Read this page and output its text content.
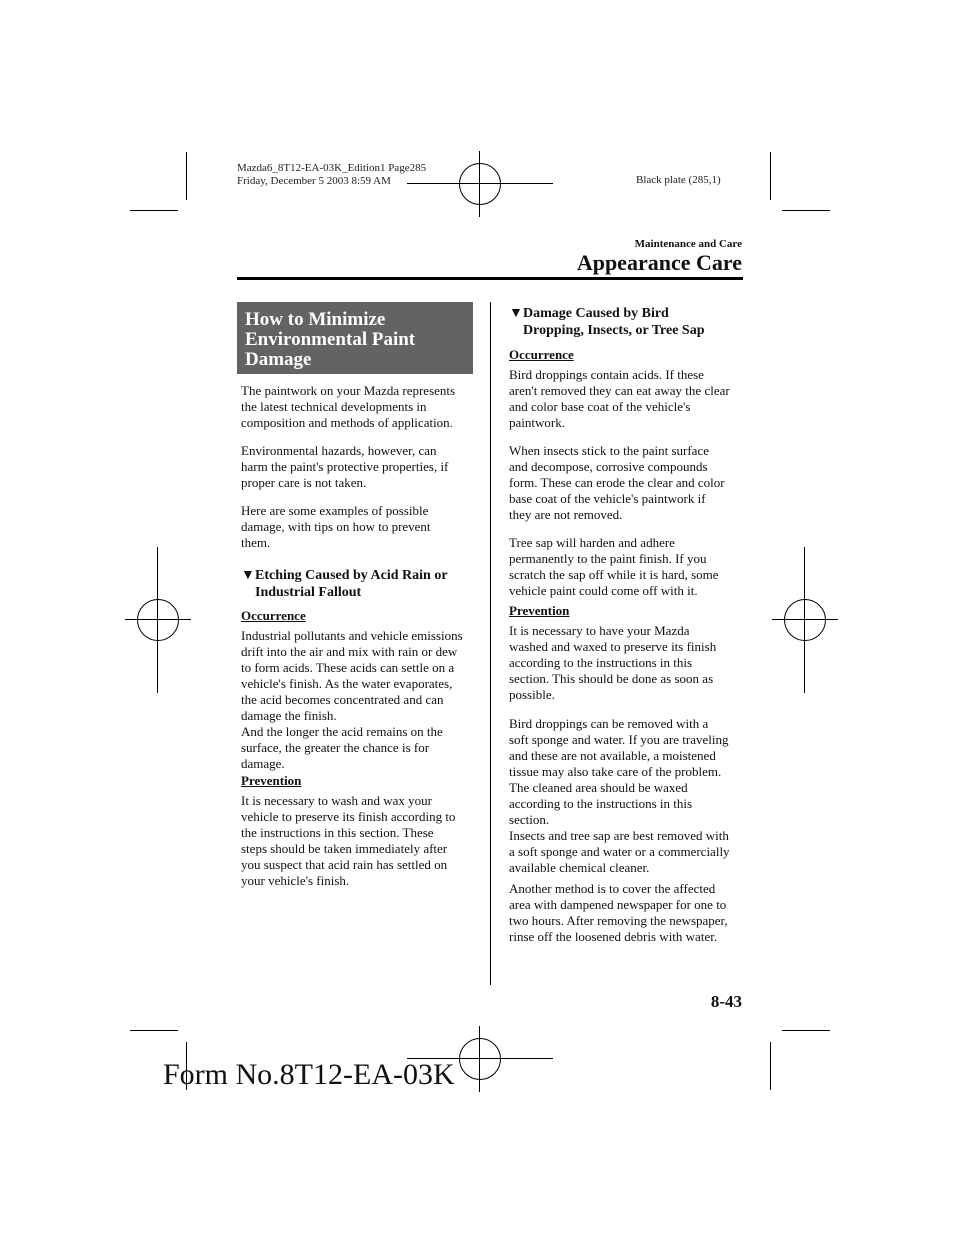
Mazda6_8T12-EA-03K_Edition1 Page285
Friday, December 5 2003 8:59 AM	Black plate (285,1)
Maintenance and Care
Appearance Care
How to Minimize
Environmental Paint
Damage
The paintwork on your Mazda represents
the latest technical developments in
composition and methods of application.
Environmental hazards, however, can
harm the paint's protective properties, if
proper care is not taken.
Here are some examples of possible
damage, with tips on how to prevent
them.
▼Etching Caused by Acid Rain or
Industrial Fallout
Occurrence
Industrial pollutants and vehicle emissions
drift into the air and mix with rain or dew
to form acids. These acids can settle on a
vehicle's finish. As the water evaporates,
the acid becomes concentrated and can
damage the finish.
And the longer the acid remains on the
surface, the greater the chance is for
damage.
Prevention
It is necessary to wash and wax your
vehicle to preserve its finish according to
the instructions in this section. These
steps should be taken immediately after
you suspect that acid rain has settled on
your vehicle's finish.
▼Damage Caused by Bird
Dropping, Insects, or Tree Sap
Occurrence
Bird droppings contain acids. If these
aren't removed they can eat away the clear
and color base coat of the vehicle's
paintwork.
When insects stick to the paint surface
and decompose, corrosive compounds
form. These can erode the clear and color
base coat of the vehicle's paintwork if
they are not removed.
Tree sap will harden and adhere
permanently to the paint finish. If you
scratch the sap off while it is hard, some
vehicle paint could come off with it.
Prevention
It is necessary to have your Mazda
washed and waxed to preserve its finish
according to the instructions in this
section. This should be done as soon as
possible.
Bird droppings can be removed with a
soft sponge and water. If you are traveling
and these are not available, a moistened
tissue may also take care of the problem.
The cleaned area should be waxed
according to the instructions in this
section.
Insects and tree sap are best removed with
a soft sponge and water or a commercially
available chemical cleaner.
Another method is to cover the affected
area with dampened newspaper for one to
two hours. After removing the newspaper,
rinse off the loosened debris with water.
8-43
Form No.8T12-EA-03K
